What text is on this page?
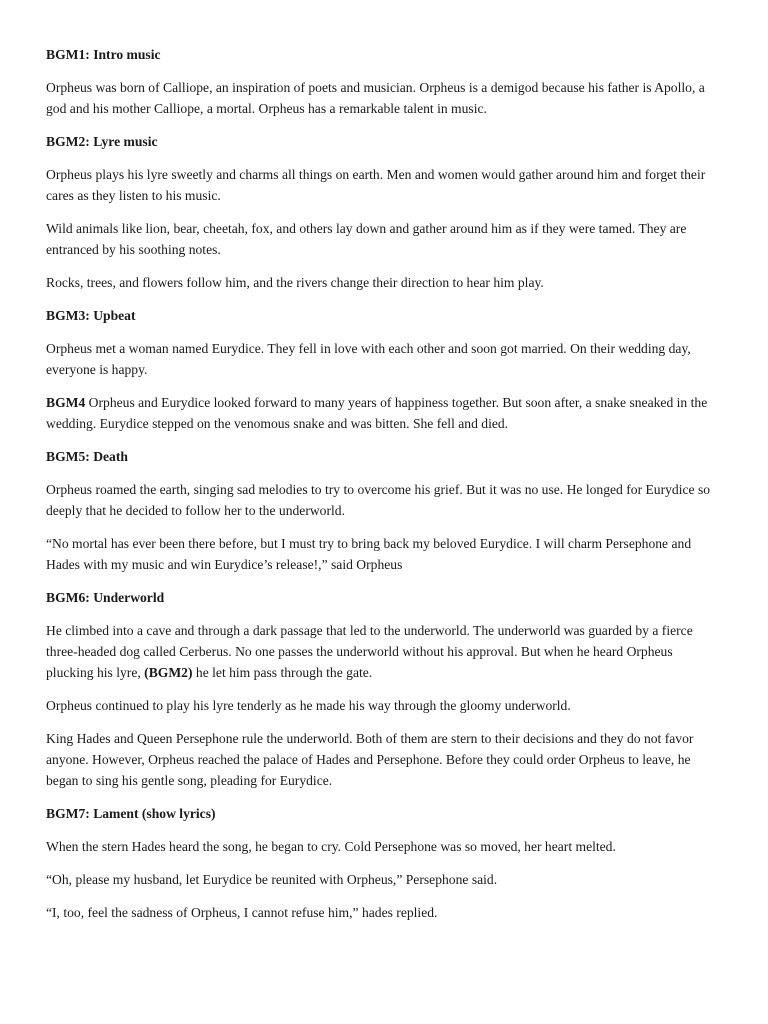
BGM1: Intro music

Orpheus was born of Calliope, an inspiration of poets and musician. Orpheus is a demigod because his father is Apollo, a god and his mother Calliope, a mortal. Orpheus has a remarkable talent in music.

BGM2: Lyre music

Orpheus plays his lyre sweetly and charms all things on earth. Men and women would gather around him and forget their cares as they listen to his music.

Wild animals like lion, bear, cheetah, fox, and others lay down and gather around him as if they were tamed. They are entranced by his soothing notes.

Rocks, trees, and flowers follow him, and the rivers change their direction to hear him play.

BGM3: Upbeat

Orpheus met a woman named Eurydice. They fell in love with each other and soon got married. On their wedding day, everyone is happy.

BGM4 Orpheus and Eurydice looked forward to many years of happiness together. But soon after, a snake sneaked in the wedding. Eurydice stepped on the venomous snake and was bitten. She fell and died.

BGM5: Death

Orpheus roamed the earth, singing sad melodies to try to overcome his grief. But it was no use. He longed for Eurydice so deeply that he decided to follow her to the underworld.

“No mortal has ever been there before, but I must try to bring back my beloved Eurydice. I will charm Persephone and Hades with my music and win Eurydice’s release!,” said Orpheus

BGM6: Underworld

He climbed into a cave and through a dark passage that led to the underworld. The underworld was guarded by a fierce three-headed dog called Cerberus. No one passes the underworld without his approval. But when he heard Orpheus plucking his lyre, (BGM2) he let him pass through the gate.

Orpheus continued to play his lyre tenderly as he made his way through the gloomy underworld.

King Hades and Queen Persephone rule the underworld. Both of them are stern to their decisions and they do not favor anyone. However, Orpheus reached the palace of Hades and Persephone. Before they could order Orpheus to leave, he began to sing his gentle song, pleading for Eurydice.

BGM7: Lament (show lyrics)

When the stern Hades heard the song, he began to cry. Cold Persephone was so moved, her heart melted.

“Oh, please my husband, let Eurydice be reunited with Orpheus,” Persephone said.

“I, too, feel the sadness of Orpheus, I cannot refuse him,” hades replied.
